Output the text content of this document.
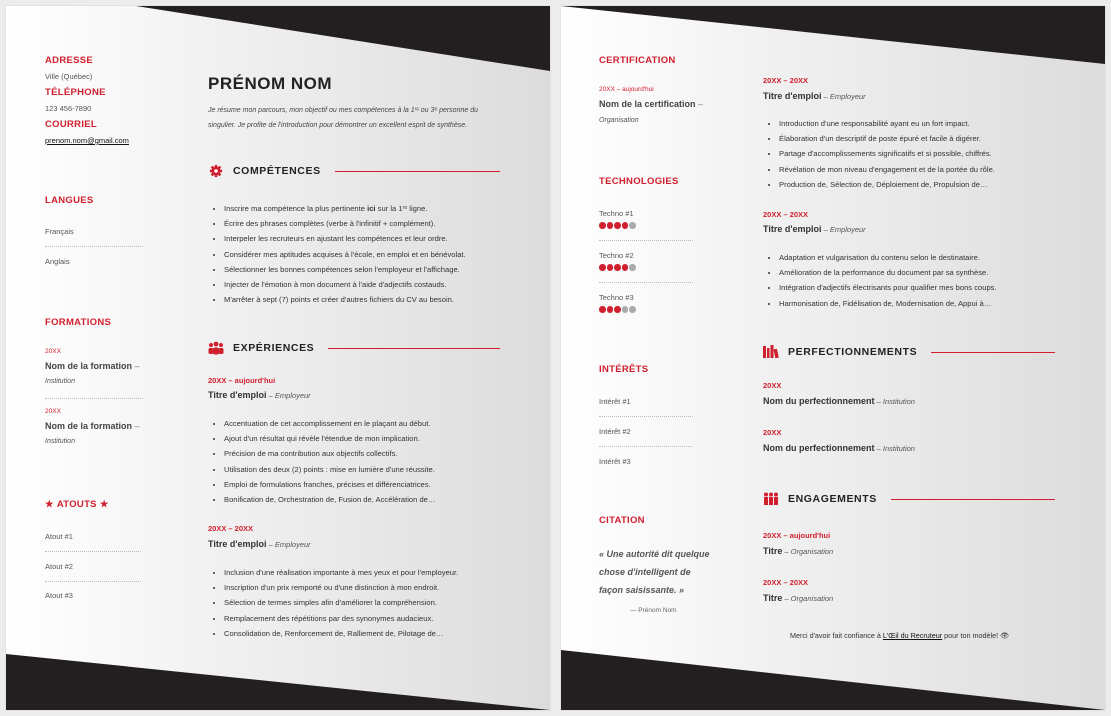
ADRESSE
Ville (Québec)
TÉLÉPHONE
123 456-7890
COURRIEL
prenom.nom@gmail.com
LANGUES
Français
Anglais
FORMATIONS
20XX
Nom de la formation –
Institution
20XX
Nom de la formation –
Institution
★ ATOUTS ★
Atout #1
Atout #2
Atout #3
PRÉNOM NOM
Je résume mon parcours, mon objectif ou mes compétences à la 1ʳᵉ ou 3ᵉ personne du
singulier. Je profite de l'introduction pour démontrer un excellent esprit de synthèse.
COMPÉTENCES
• Inscrire ma compétence la plus pertinente ici sur la 1ʳᵉ ligne.
• Écrire des phrases complètes (verbe à l'infinitif + complément).
• Interpeler les recruteurs en ajustant les compétences et leur ordre.
• Considérer mes aptitudes acquises à l'école, en emploi et en bénévolat.
• Sélectionner les bonnes compétences selon l'employeur et l'affichage.
• Injecter de l'émotion à mon document à l'aide d'adjectifs costauds.
• M'arrêter à sept (7) points et créer d'autres fichiers du CV au besoin.
EXPÉRIENCES
20XX – aujourd'hui
Titre d'emploi – Employeur
• Accentuation de cet accomplissement en le plaçant au début.
• Ajout d'un résultat qui révèle l'étendue de mon implication.
• Précision de ma contribution aux objectifs collectifs.
• Utilisation des deux (2) points : mise en lumière d'une réussite.
• Emploi de formulations franches, précises et différenciatrices.
• Bonification de, Orchestration de, Fusion de, Accélération de…
20XX – 20XX
Titre d'emploi – Employeur
• Inclusion d'une réalisation importante à mes yeux et pour l'employeur.
• Inscription d'un prix remporté ou d'une distinction à mon endroit.
• Sélection de termes simples afin d'améliorer la compréhension.
• Remplacement des répétitions par des synonymes audacieux.
• Consolidation de, Renforcement de, Ralliement de, Pilotage de…
CERTIFICATION
20XX – aujourd'hui
Nom de la certification –
Organisation
TECHNOLOGIES
Techno #1
Techno #2
Techno #3
INTÉRÊTS
Intérêt #1
Intérêt #2
Intérêt #3
CITATION
« Une autorité dit quelque
chose d'intelligent de
façon saisissante. »
— Prénom Nom
20XX – 20XX
Titre d'emploi – Employeur
• Introduction d'une responsabilité ayant eu un fort impact.
• Élaboration d'un descriptif de poste épuré et facile à digérer.
• Partage d'accomplissements significatifs et si possible, chiffrés.
• Révélation de mon niveau d'engagement et de la portée du rôle.
• Production de, Sélection de, Déploiement de, Propulsion de…
20XX – 20XX
Titre d'emploi – Employeur
• Adaptation et vulgarisation du contenu selon le destinataire.
• Amélioration de la performance du document par sa synthèse.
• Intégration d'adjectifs électrisants pour qualifier mes bons coups.
• Harmonisation de, Fidélisation de, Modernisation de, Appui à…
PERFECTIONNEMENTS
20XX
Nom du perfectionnement – Institution
20XX
Nom du perfectionnement – Institution
ENGAGEMENTS
20XX – aujourd'hui
Titre – Organisation
20XX – 20XX
Titre – Organisation
Merci d'avoir fait confiance à L'Œil du Recruteur pour ton modèle! 👁
